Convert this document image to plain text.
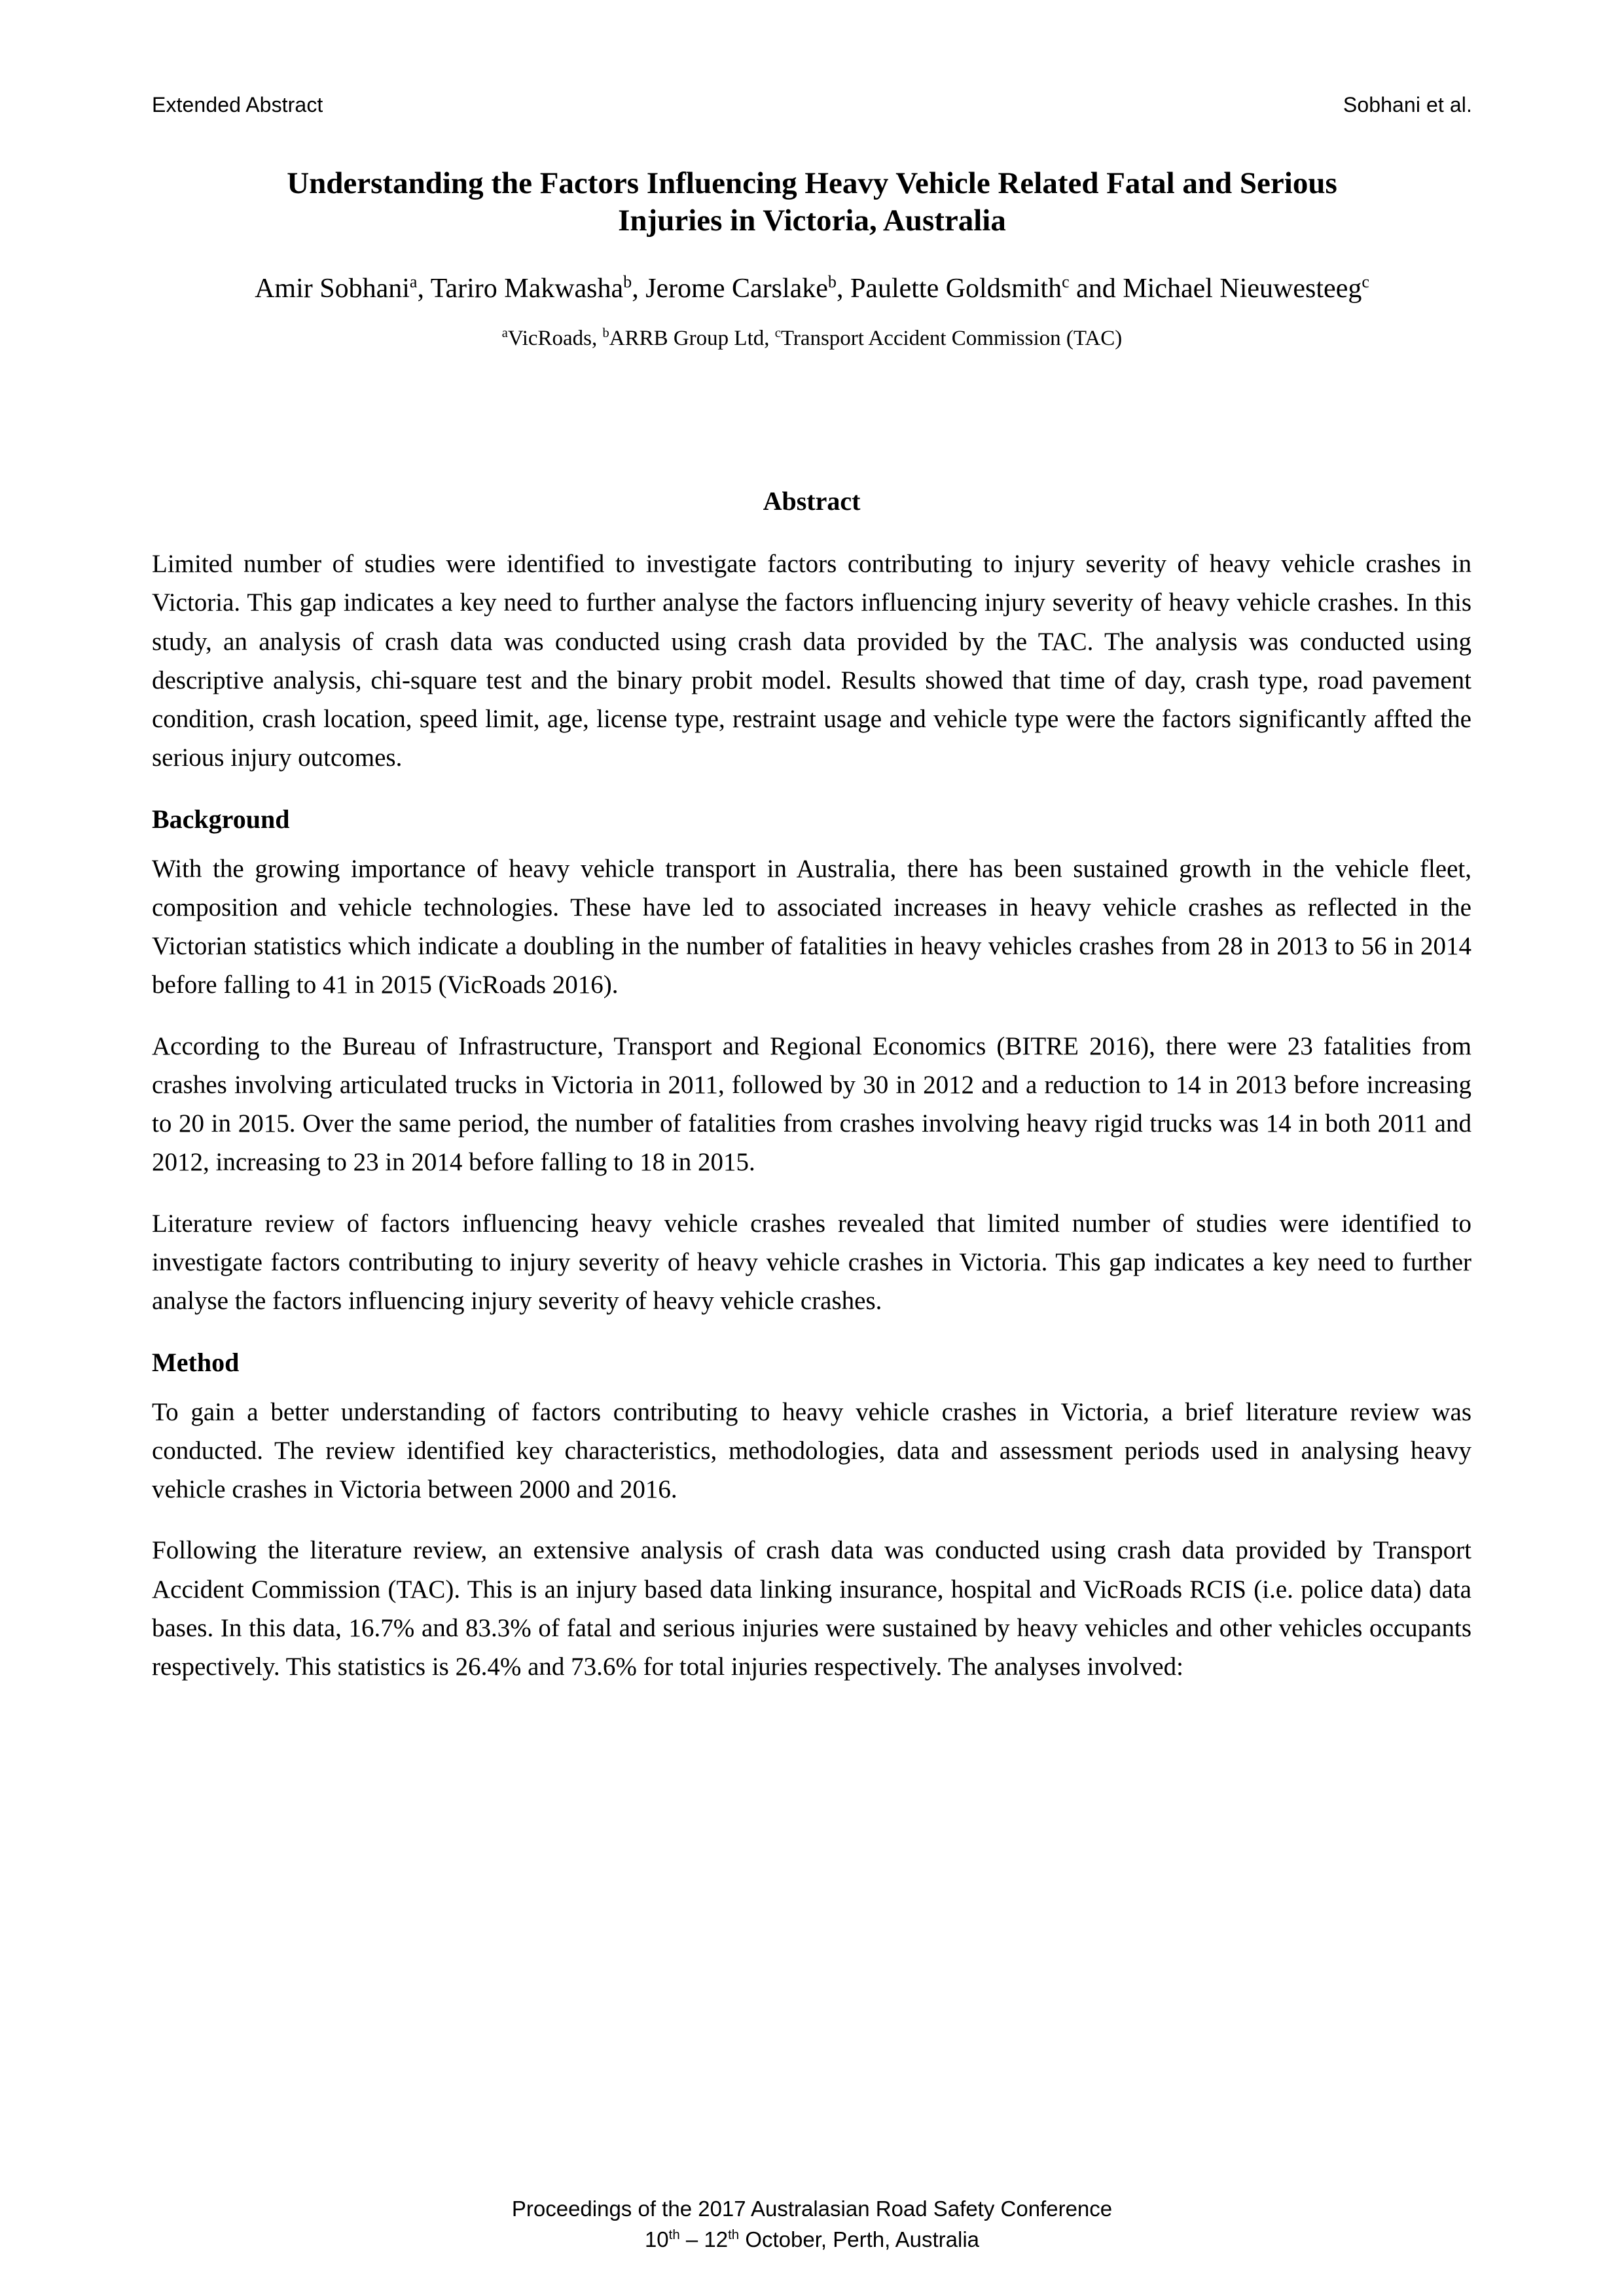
Extended Abstract	Sobhani et al.
Understanding the Factors Influencing Heavy Vehicle Related Fatal and Serious Injuries in Victoria, Australia

Amir Sobhani$^a$, Tariro Makwasha$^b$, Jerome Carslake$^b$, Paulette Goldsmith$^c$ and Michael Nieuwesteeg$^c$

$^a$VicRoads, $^b$ARRB Group Ltd, $^c$Transport Accident Commission (TAC)

Abstract

Limited number of studies were identified to investigate factors contributing to injury severity of heavy vehicle crashes in Victoria. This gap indicates a key need to further analyse the factors influencing injury severity of heavy vehicle crashes. In this study, an analysis of crash data was conducted using crash data provided by the TAC. The analysis was conducted using descriptive analysis, chi-square test and the binary probit model. Results showed that time of day, crash type, road pavement condition, crash location, speed limit, age, license type, restraint usage and vehicle type were the factors significantly affted the serious injury outcomes.

Background

With the growing importance of heavy vehicle transport in Australia, there has been sustained growth in the vehicle fleet, composition and vehicle technologies. These have led to associated increases in heavy vehicle crashes as reflected in the Victorian statistics which indicate a doubling in the number of fatalities in heavy vehicles crashes from 28 in 2013 to 56 in 2014 before falling to 41 in 2015 (VicRoads 2016).

According to the Bureau of Infrastructure, Transport and Regional Economics (BITRE 2016), there were 23 fatalities from crashes involving articulated trucks in Victoria in 2011, followed by 30 in 2012 and a reduction to 14 in 2013 before increasing to 20 in 2015. Over the same period, the number of fatalities from crashes involving heavy rigid trucks was 14 in both 2011 and 2012, increasing to 23 in 2014 before falling to 18 in 2015.

Literature review of factors influencing heavy vehicle crashes revealed that limited number of studies were identified to investigate factors contributing to injury severity of heavy vehicle crashes in Victoria. This gap indicates a key need to further analyse the factors influencing injury severity of heavy vehicle crashes.

Method

To gain a better understanding of factors contributing to heavy vehicle crashes in Victoria, a brief literature review was conducted. The review identified key characteristics, methodologies, data and assessment periods used in analysing heavy vehicle crashes in Victoria between 2000 and 2016.

Following the literature review, an extensive analysis of crash data was conducted using crash data provided by Transport Accident Commission (TAC). This is an injury based data linking insurance, hospital and VicRoads RCIS (i.e. police data) data bases. In this data, 16.7% and 83.3% of fatal and serious injuries were sustained by heavy vehicles and other vehicles occupants respectively. This statistics is 26.4% and 73.6% for total injuries respectively. The analyses involved:

Proceedings of the 2017 Australasian Road Safety Conference
10th – 12th October, Perth, Australia
